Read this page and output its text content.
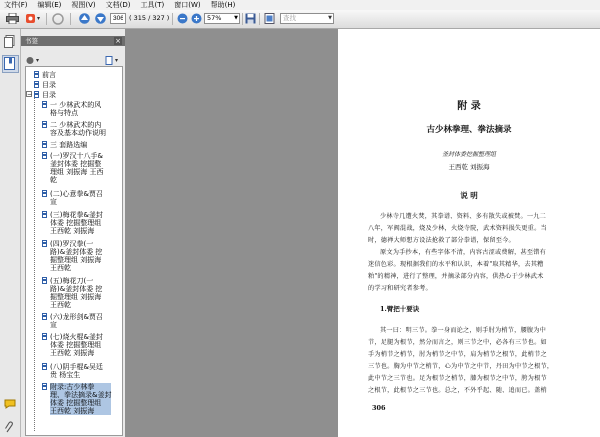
文件(F)	编辑(E)	视图(V)	文档(D)	工具(T)	窗口(W)	帮助(H)
306
( 315 / 327 )	57%	▼	查找	▼
书签	×
前言
目录
− 目录
一 少林武术的风
格与特点
二 少林武术的内
容及基本动作说明
三 套路选编
(一)罗汉十八手&
釜封体委 挖掘整
理组 刘振海 王西
乾
(二)心意拳&贾召
宣
(三)梅花拳&釜封
体委 挖掘整理组
王西乾 刘振海
(四)罗汉拳(一
路)&釜封体委 挖
掘整理组 刘振海
王西乾
(五)梅花刀(一
路)&釜封体委 挖
掘整理组 刘振海
王西乾
(六)龙形剑&贾召
宣
(七)烧火棍&釜封
体委 挖掘整理组
王西乾 刘振海
(八)阴手棍&吴廷
贵 杨宝生
附录:古少林拳
理、拳法摘录&釜封
体委 挖掘整理组
王西乾 刘振海
附 录
古少林拳理、拳法摘录
釜封体委挖掘整理组
王西乾 刘振海
说 明
少林寺几遭火焚，其拳谱、资料、多有散失或被焚。一九二
八年，军阀混战，烧及少林，火烧寺院，武术资料损失更重。当
时，德禅大师想方设法抢救了部分拳谱，保留至今。
原文为手抄本，有些字体不清，内容古涩或费解，甚至错有
迷信色彩。现根据我们的水平和认识，本着"取其精华，去其糟
粕"的精神，进行了整理，并摘录部分内容，供热心于少林武术
的学习和研究者参考。
1.臂把十要诀
其一曰：明三节。拳一身而论之，则手肘为梢节，腰腹为中
节，足腿为根节，然分而言之，则三节之中，必各有三节也。如
手为梢节之梢节，肘为梢节之中节，肩为梢节之根节，此梢节之
三节也。胸为中节之梢节，心为中节之中节，丹田为中节之根节，
此中节之三节也。足为根节之梢节，膝为根节之中节，胯为根节
之根节，此根节之三节也。总之，不外乎起、随、追而已。盖梢
306
